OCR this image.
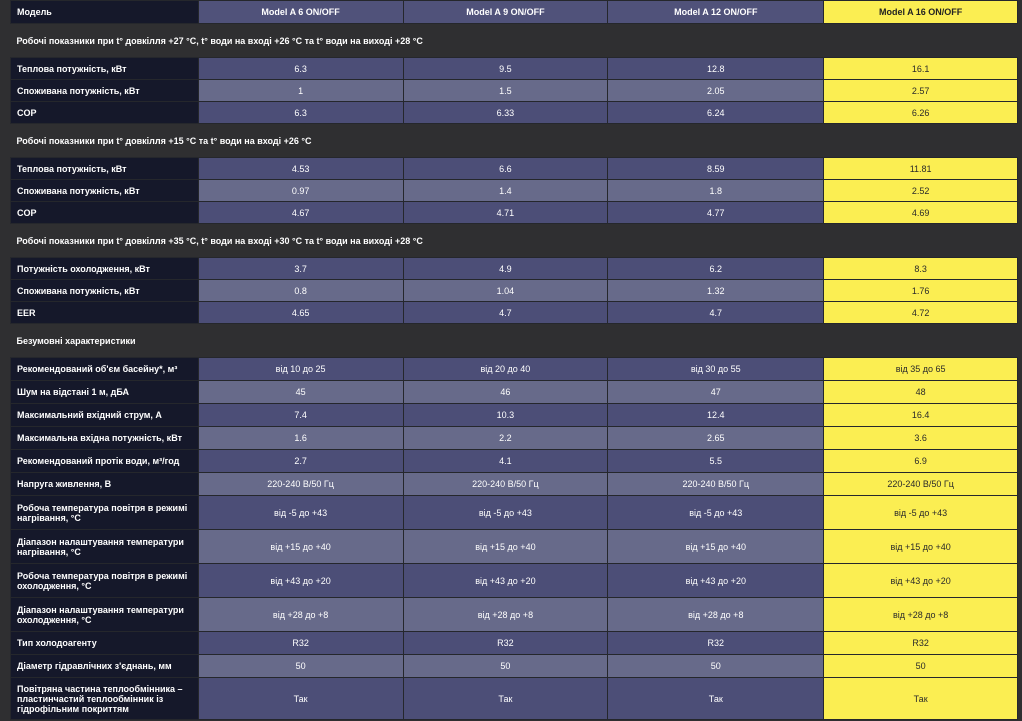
Модель	Model A 6 ON/OFF	Model A 9 ON/OFF	Model A 12 ON/OFF	Model A 16 ON/OFF
Робочі показники при t° довкілля +27 °C, t° води на вході +26 °C та t° води на виході +28 °C				
Теплова потужність, кВт	6.3	9.5	12.8	16.1
Споживана потужність, кВт	1	1.5	2.05	2.57
COP	6.3	6.33	6.24	6.26
Робочі показники при t° довкілля +15 °C та t° води на вході +26 °C				
Теплова потужність, кВт	4.53	6.6	8.59	11.81
Споживана потужність, кВт	0.97	1.4	1.8	2.52
COP	4.67	4.71	4.77	4.69
Робочі показники при t° довкілля +35 °C, t° води на вході +30 °C та t° води на виході +28 °C				
Потужність охолодження, кВт	3.7	4.9	6.2	8.3
Споживана потужність, кВт	0.8	1.04	1.32	1.76
EER	4.65	4.7	4.7	4.72
Безумовні характеристики				
Рекомендований об'єм басейну*, м³	від 10 до 25	від 20 до 40	від 30 до 55	від 35 до 65
Шум на відстані 1 м, дБА	45	46	47	48
Максимальний вхідний струм, A	7.4	10.3	12.4	16.4
Максимальна вхідна потужність, кВт	1.6	2.2	2.65	3.6
Рекомендований протік води, м³/год	2.7	4.1	5.5	6.9
Напруга живлення, В	220-240 В/50 Гц	220-240 В/50 Гц	220-240 В/50 Гц	220-240 В/50 Гц
Робоча температура повітря в режимі нагрівання, °C	від -5 до +43	від -5 до +43	від -5 до +43	від -5 до +43
Діапазон налаштування температури нагрівання, °C	від +15 до +40	від +15 до +40	від +15 до +40	від +15 до +40
Робоча температура повітря в режимі охолодження, °C	від +43 до +20	від +43 до +20	від +43 до +20	від +43 до +20
Діапазон налаштування температури охолодження, °C	від +28 до +8	від +28 до +8	від +28 до +8	від +28 до +8
Тип холодоагенту	R32	R32	R32	R32
Діаметр гідравлічних з'єднань, мм	50	50	50	50
Повітряна частина теплообмінника – пластинчастий теплообмінник із гідрофільним покриттям	Так	Так	Так	Так
